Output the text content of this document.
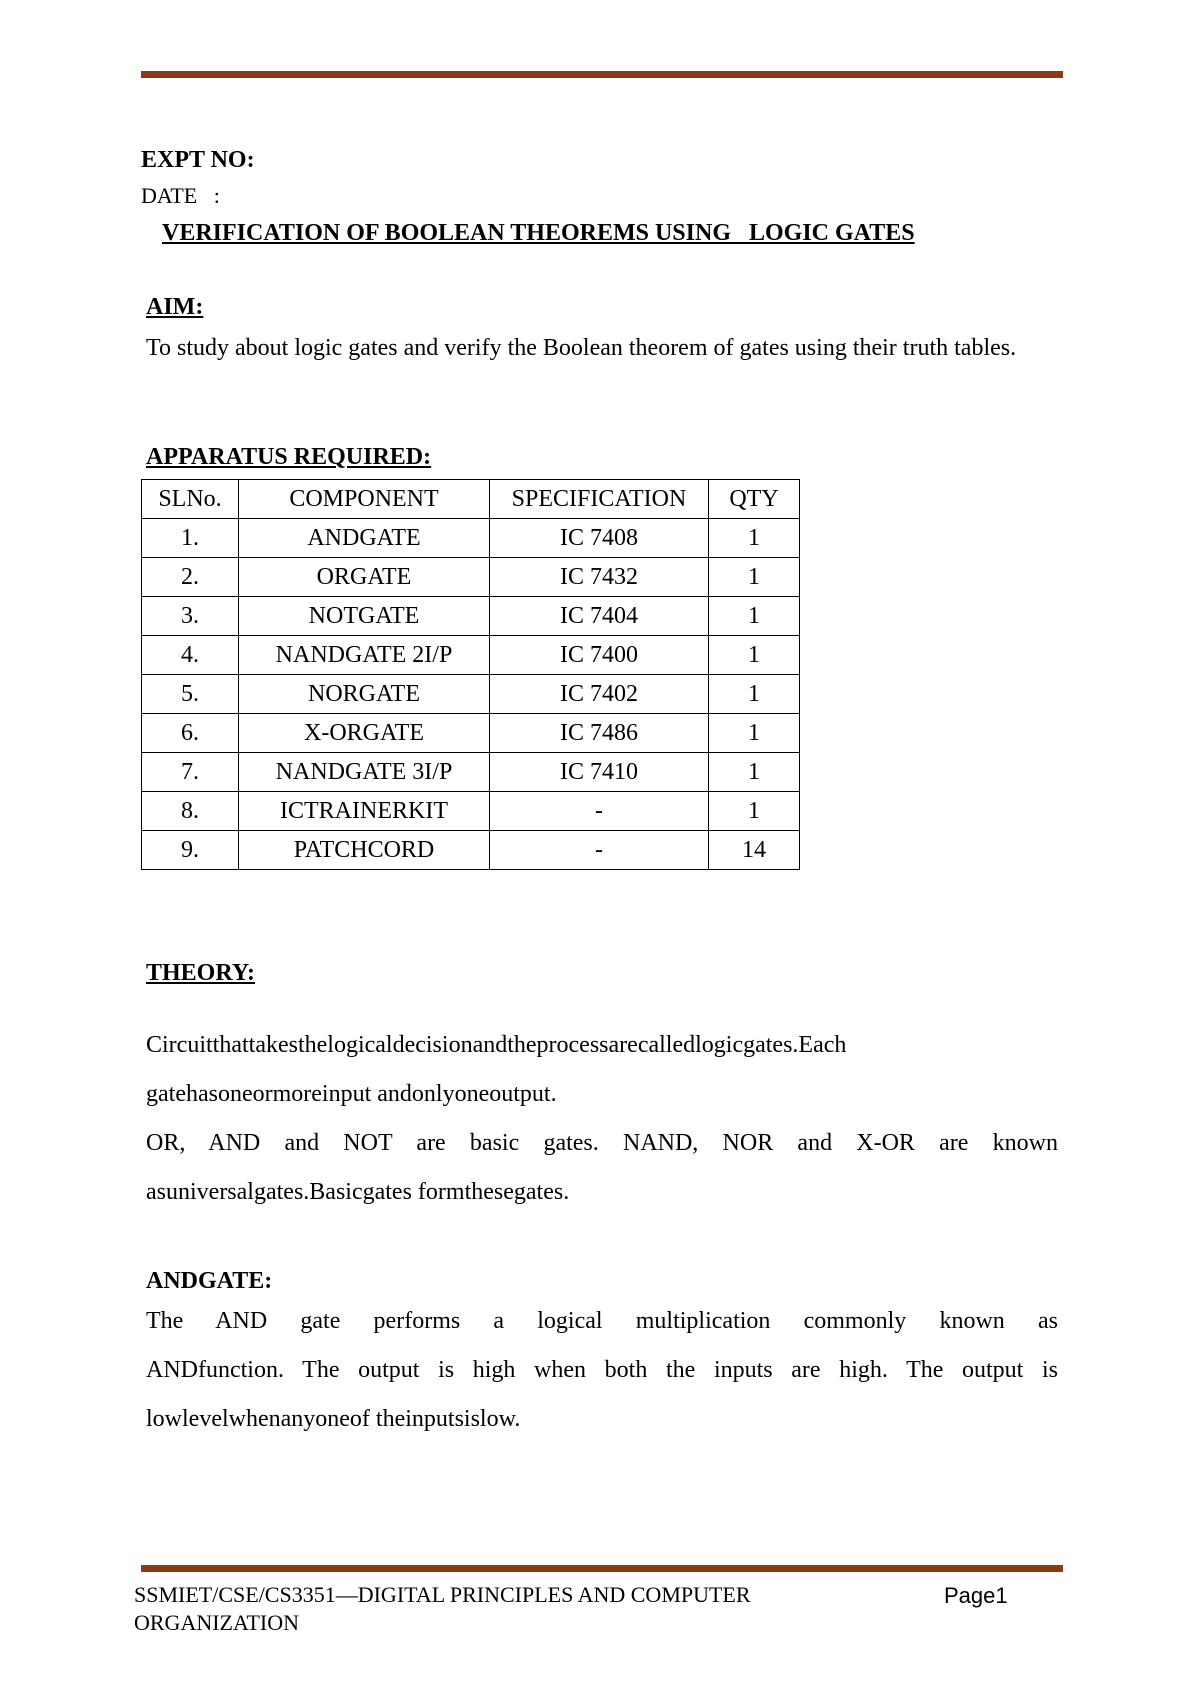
EXPT NO:
DATE   :
VERIFICATION OF BOOLEAN THEOREMS USING   LOGIC GATES
AIM:
To study about logic gates and verify the Boolean theorem of gates using their truth tables.
APPARATUS REQUIRED:
SLNo.	COMPONENT	SPECIFICATION	QTY
1.	ANDGATE	IC 7408	1
2.	ORGATE	IC 7432	1
3.	NOTGATE	IC 7404	1
4.	NANDGATE 2I/P	IC 7400	1
5.	NORGATE	IC 7402	1
6.	X-ORGATE	IC 7486	1
7.	NANDGATE 3I/P	IC 7410	1
8.	ICTRAINERKIT	-	1
9.	PATCHCORD	-	14
THEORY:

Circuitthattakesthelogicaldecisionandtheprocessarecalledlogicgates.Each

gatehasoneormoreinput andonlyoneoutput.

OR, AND and NOT are basic gates. NAND, NOR and X-OR are known

asuniversalgates.Basicgates formthesegates.

ANDGATE:

The AND gate performs a logical multiplication commonly known as

ANDfunction. The output is high when both the inputs are high. The output is

lowlevelwhenanyoneof theinputsislow.

SSMIET/CSE/CS3351—DIGITAL PRINCIPLES AND COMPUTER ORGANIZATION
Page1
